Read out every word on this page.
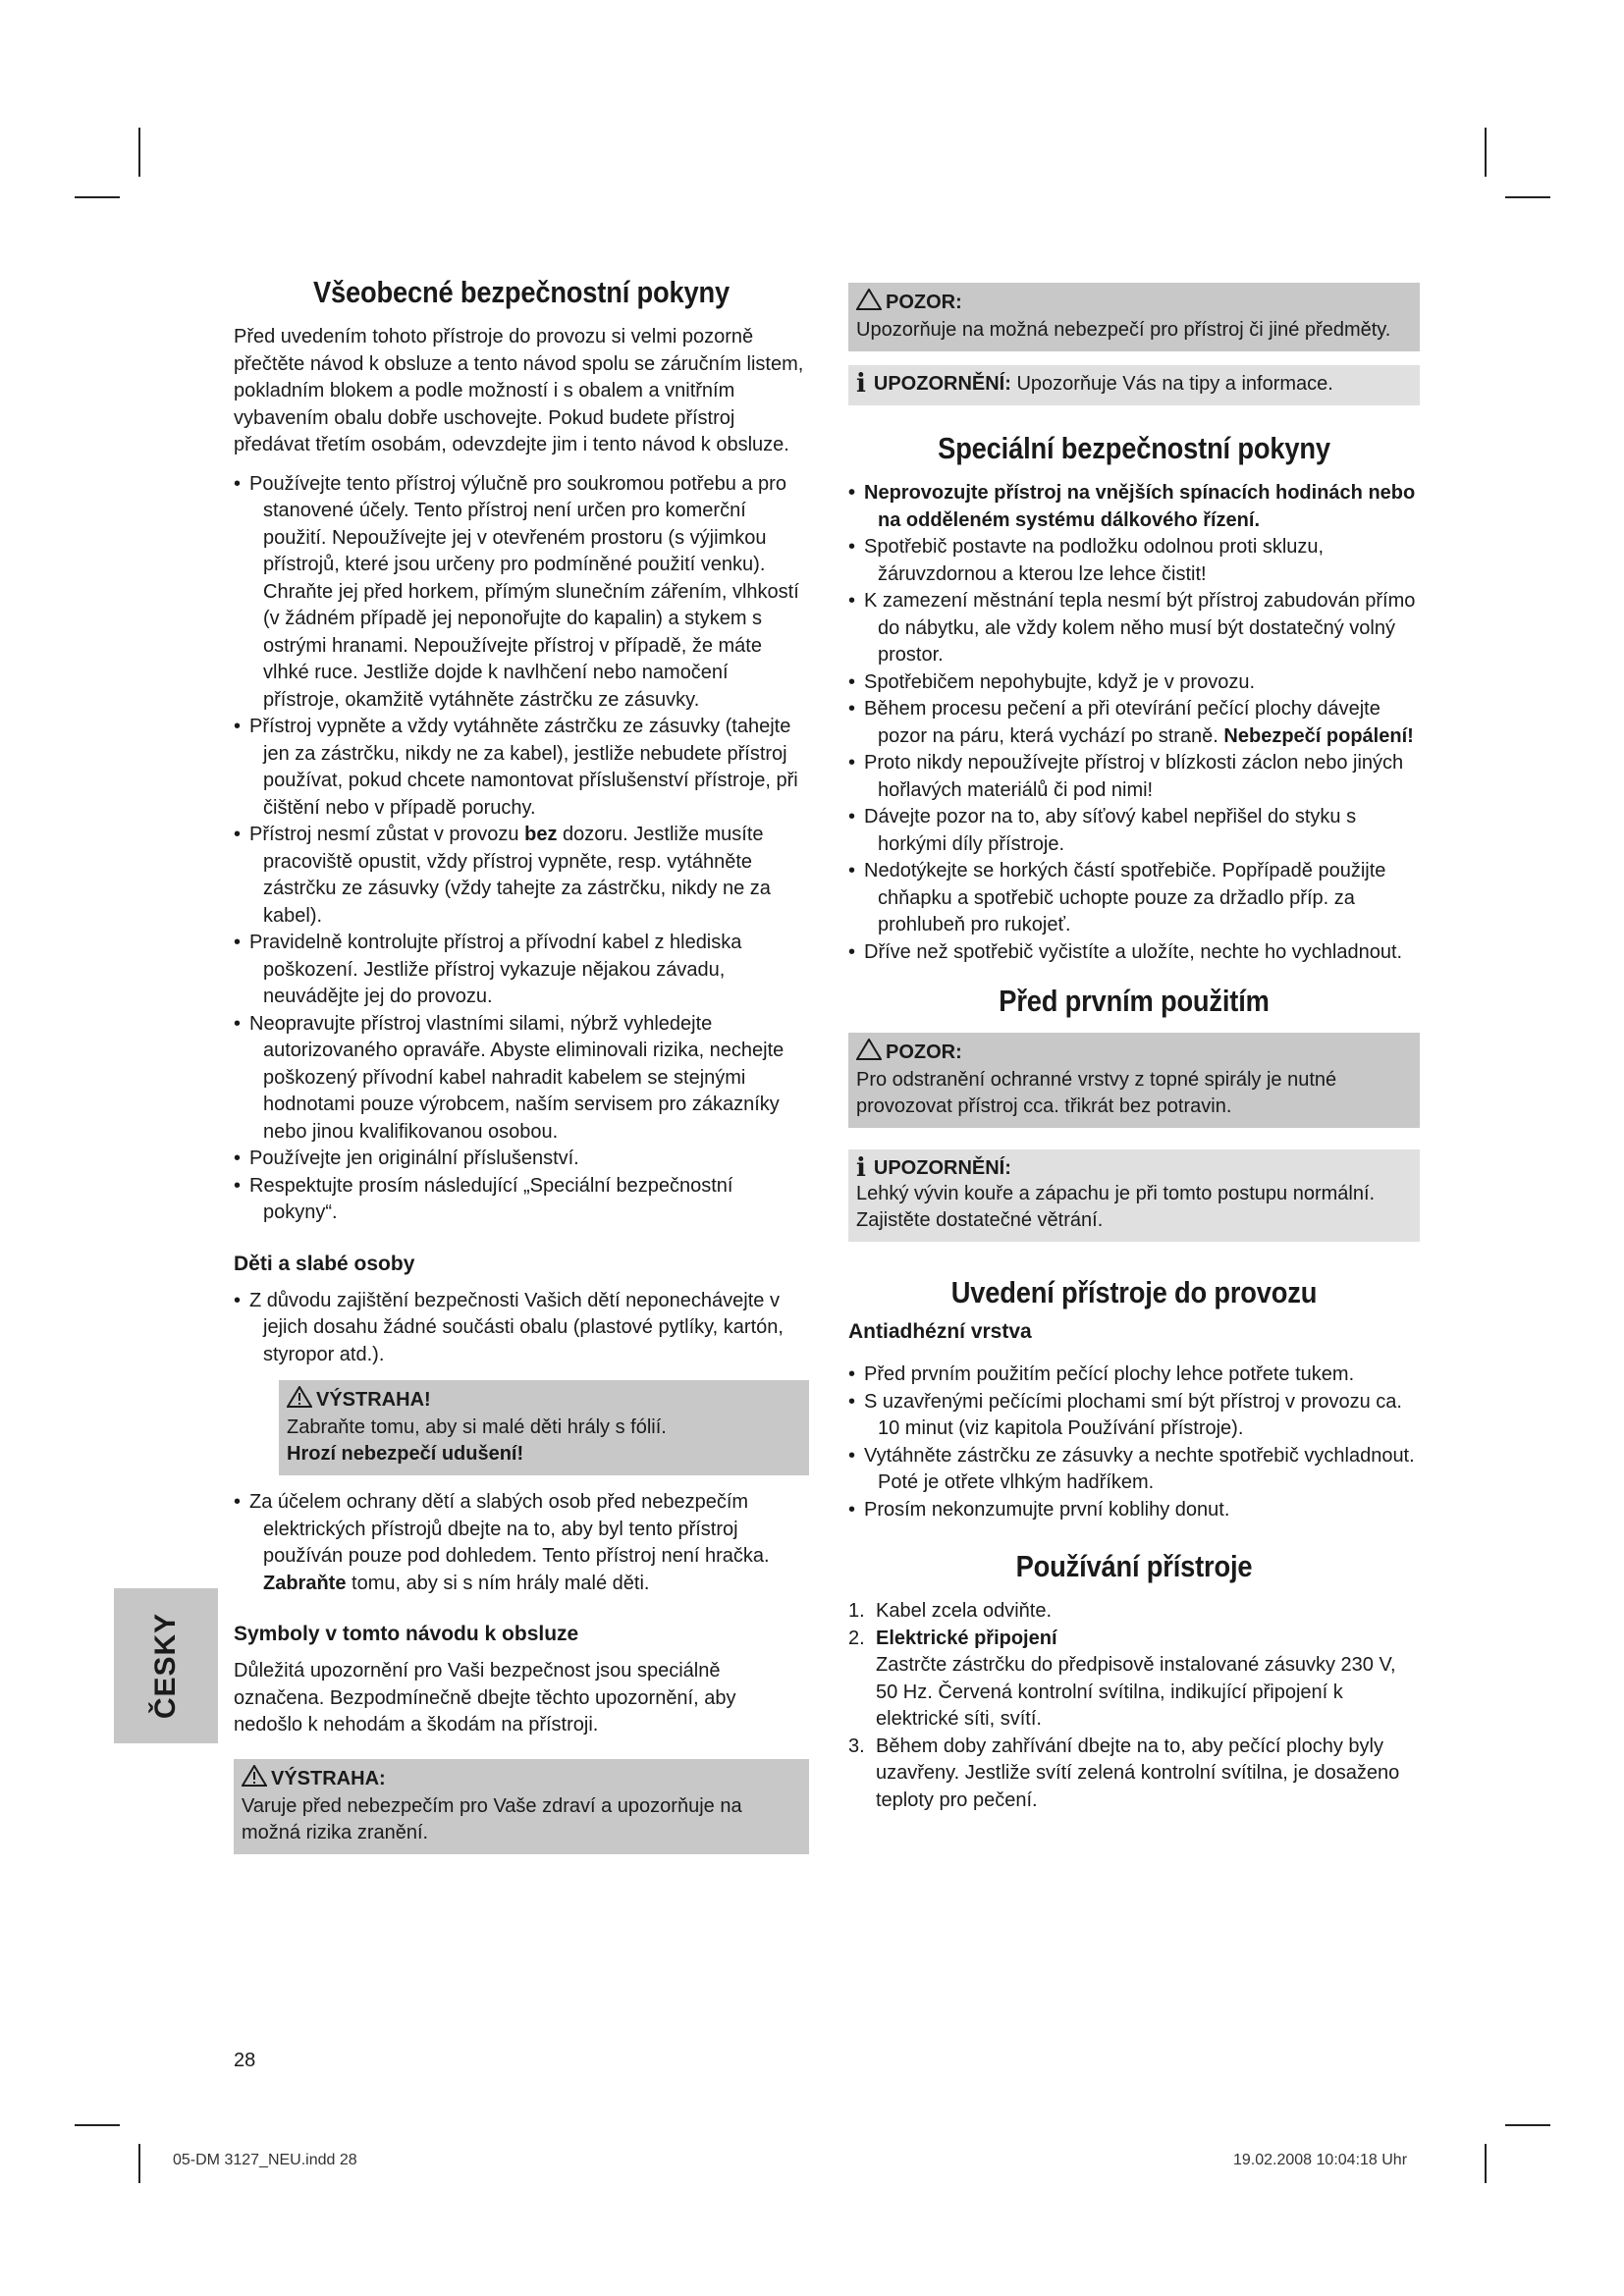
Všeobecné bezpečnostní pokyny

Před uvedením tohoto přístroje do provozu si velmi pozorně přečtěte návod k obsluze a tento návod spolu se záručním listem, pokladním blokem a podle možností i s obalem a vnitřním vybavením obalu dobře uschovejte. Pokud budete přístroj předávat třetím osobám, odevzdejte jim i tento návod k obsluze.

• Používejte tento přístroj výlučně pro soukromou potřebu a pro stanovené účely. Tento přístroj není určen pro komerční použití. Nepoužívejte jej v otevřeném prostoru (s výjimkou přístrojů, které jsou určeny pro podmíněné použití venku). Chraňte jej před horkem, přímým slunečním zářením, vlhkostí (v žádném případě jej neponořujte do kapalin) a stykem s ostrými hranami. Nepoužívejte přístroj v případě, že máte vlhké ruce. Jestliže dojde k navlhčení nebo namočení přístroje, okamžitě vytáhněte zástrčku ze zásuvky.
• Přístroj vypněte a vždy vytáhněte zástrčku ze zásuvky (tahejte jen za zástrčku, nikdy ne za kabel), jestliže nebudete přístroj používat, pokud chcete namontovat příslušenství přístroje, při čištění nebo v případě poruchy.
• Přístroj nesmí zůstat v provozu bez dozoru. Jestliže musíte pracoviště opustit, vždy přístroj vypněte, resp. vytáhněte zástrčku ze zásuvky (vždy tahejte za zástrčku, nikdy ne za kabel).
• Pravidelně kontrolujte přístroj a přívodní kabel z hlediska poškození. Jestliže přístroj vykazuje nějakou závadu, neuvádějte jej do provozu.
• Neopravujte přístroj vlastními silami, nýbrž vyhledejte autorizovaného opraváře. Abyste eliminovali rizika, nechejte poškozený přívodní kabel nahradit kabelem se stejnými hodnotami pouze výrobcem, naším servisem pro zákazníky nebo jinou kvalifikovanou osobou.
• Používejte jen originální příslušenství.
• Respektujte prosím následující „Speciální bezpečnostní pokyny“.
Děti a slabé osoby
• Z důvodu zajištění bezpečnosti Vašich dětí neponechávejte v jejich dosahu žádné součásti obalu (plastové pytlíky, kartón, styropor atd.).
VÝSTRAHA!
Zabraňte tomu, aby si malé děti hrály s fólií.
Hrozí nebezpečí udušení!
• Za účelem ochrany dětí a slabých osob před nebezpečím elektrických přístrojů dbejte na to, aby byl tento přístroj používán pouze pod dohledem. Tento přístroj není hračka. Zabraňte tomu, aby si s ním hrály malé děti.
Symboly v tomto návodu k obsluze

Důležitá upozornění pro Vaši bezpečnost jsou speciálně označena. Bezpodmínečně dbejte těchto upozornění, aby nedošlo k nehodám a škodám na přístroji.

VÝSTRAHA:
Varuje před nebezpečím pro Vaše zdraví a upozorňuje na možná rizika zranění.
POZOR:
Upozorňuje na možná nebezpečí pro přístroj či jiné předměty.
i UPOZORNĚNÍ: Upozorňuje Vás na tipy a informace.
Speciální bezpečnostní pokyny
• Neprovozujte přístroj na vnějších spínacích hodinách nebo na odděleném systému dálkového řízení.
• Spotřebič postavte na podložku odolnou proti skluzu, žáruvzdornou a kterou lze lehce čistit!
• K zamezení městnání tepla nesmí být přístroj zabudován přímo do nábytku, ale vždy kolem něho musí být dostatečný volný prostor.
• Spotřebičem nepohybujte, když je v provozu.
• Během procesu pečení a při otevírání pečící plochy dávejte pozor na páru, která vychází po straně. Nebezpečí popálení!
• Proto nikdy nepoužívejte přístroj v blízkosti záclon nebo jiných hořlavých materiálů či pod nimi!
• Dávejte pozor na to, aby síťový kabel nepřišel do styku s horkými díly přístroje.
• Nedotýkejte se horkých částí spotřebiče. Popřípadě použijte chňapku a spotřebič uchopte pouze za držadlo příp. za prohlubeň pro rukojeť.
• Dříve než spotřebič vyčistíte a uložíte, nechte ho vychladnout.
Před prvním použitím
POZOR:
Pro odstranění ochranné vrstvy z topné spirály je nutné provozovat přístroj cca. třikrát bez potravin.
i UPOZORNĚNÍ:
Lehký vývin kouře a zápachu je při tomto postupu normální. Zajistěte dostatečné větrání.
Uvedení přístroje do provozu
Antiadhézní vrstva
• Před prvním použitím pečící plochy lehce potřete tukem.
• S uzavřenými pečícími plochami smí být přístroj v provozu ca. 10 minut (viz kapitola Používání přístroje).
• Vytáhněte zástrčku ze zásuvky a nechte spotřebič vychladnout. Poté je otřete vlhkým hadříkem.
• Prosím nekonzumujte první koblihy donut.
Používání přístroje
1. Kabel zcela odviňte.
2. Elektrické připojení
Zastrčte zástrčku do předpisově instalované zásuvky 230 V, 50 Hz. Červená kontrolní svítilna, indikující připojení k elektrické síti, svítí.
3. Během doby zahřívání dbejte na to, aby pečící plochy byly uzavřeny. Jestliže svítí zelená kontrolní svítilna, je dosaženo teploty pro pečení.
ČESKY
28
05-DM 3127_NEU.indd 28	19.02.2008 10:04:18 Uhr
